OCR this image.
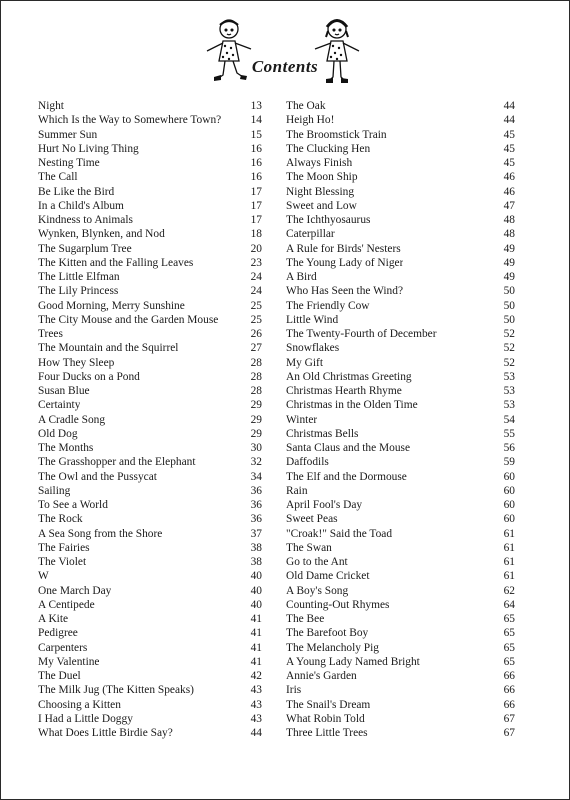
Contents
Night	13
Which Is the Way to Somewhere Town?	14
Summer Sun	15
Hurt No Living Thing	16
Nesting Time	16
The Call	16
Be Like the Bird	17
In a Child's Album	17
Kindness to Animals	17
Wynken, Blynken, and Nod	18
The Sugarplum Tree	20
The Kitten and the Falling Leaves	23
The Little Elfman	24
The Lily Princess	24
Good Morning, Merry Sunshine	25
The City Mouse and the Garden Mouse	25
Trees	26
The Mountain and the Squirrel	27
How They Sleep	28
Four Ducks on a Pond	28
Susan Blue	28
Certainty	29
A Cradle Song	29
Old Dog	29
The Months	30
The Grasshopper and the Elephant	32
The Owl and the Pussycat	34
Sailing	36
To See a World	36
The Rock	36
A Sea Song from the Shore	37
The Fairies	38
The Violet	38
W	40
One March Day	40
A Centipede	40
A Kite	41
Pedigree	41
Carpenters	41
My Valentine	41
The Duel	42
The Milk Jug (The Kitten Speaks)	43
Choosing a Kitten	43
I Had a Little Doggy	43
What Does Little Birdie Say?	44
The Oak	44
Heigh Ho!	44
The Broomstick Train	45
The Clucking Hen	45
Always Finish	45
The Moon Ship	46
Night Blessing	46
Sweet and Low	47
The Ichthyosaurus	48
Caterpillar	48
A Rule for Birds' Nesters	49
The Young Lady of Niger	49
A Bird	49
Who Has Seen the Wind?	50
The Friendly Cow	50
Little Wind	50
The Twenty-Fourth of December	52
Snowflakes	52
My Gift	52
An Old Christmas Greeting	53
Christmas Hearth Rhyme	53
Christmas in the Olden Time	53
Winter	54
Christmas Bells	55
Santa Claus and the Mouse	56
Daffodils	59
The Elf and the Dormouse	60
Rain	60
April Fool's Day	60
Sweet Peas	60
"Croak!" Said the Toad	61
The Swan	61
Go to the Ant	61
Old Dame Cricket	61
A Boy's Song	62
Counting-Out Rhymes	64
The Bee	65
The Barefoot Boy	65
The Melancholy Pig	65
A Young Lady Named Bright	65
Annie's Garden	66
Iris	66
The Snail's Dream	66
What Robin Told	67
Three Little Trees	67
